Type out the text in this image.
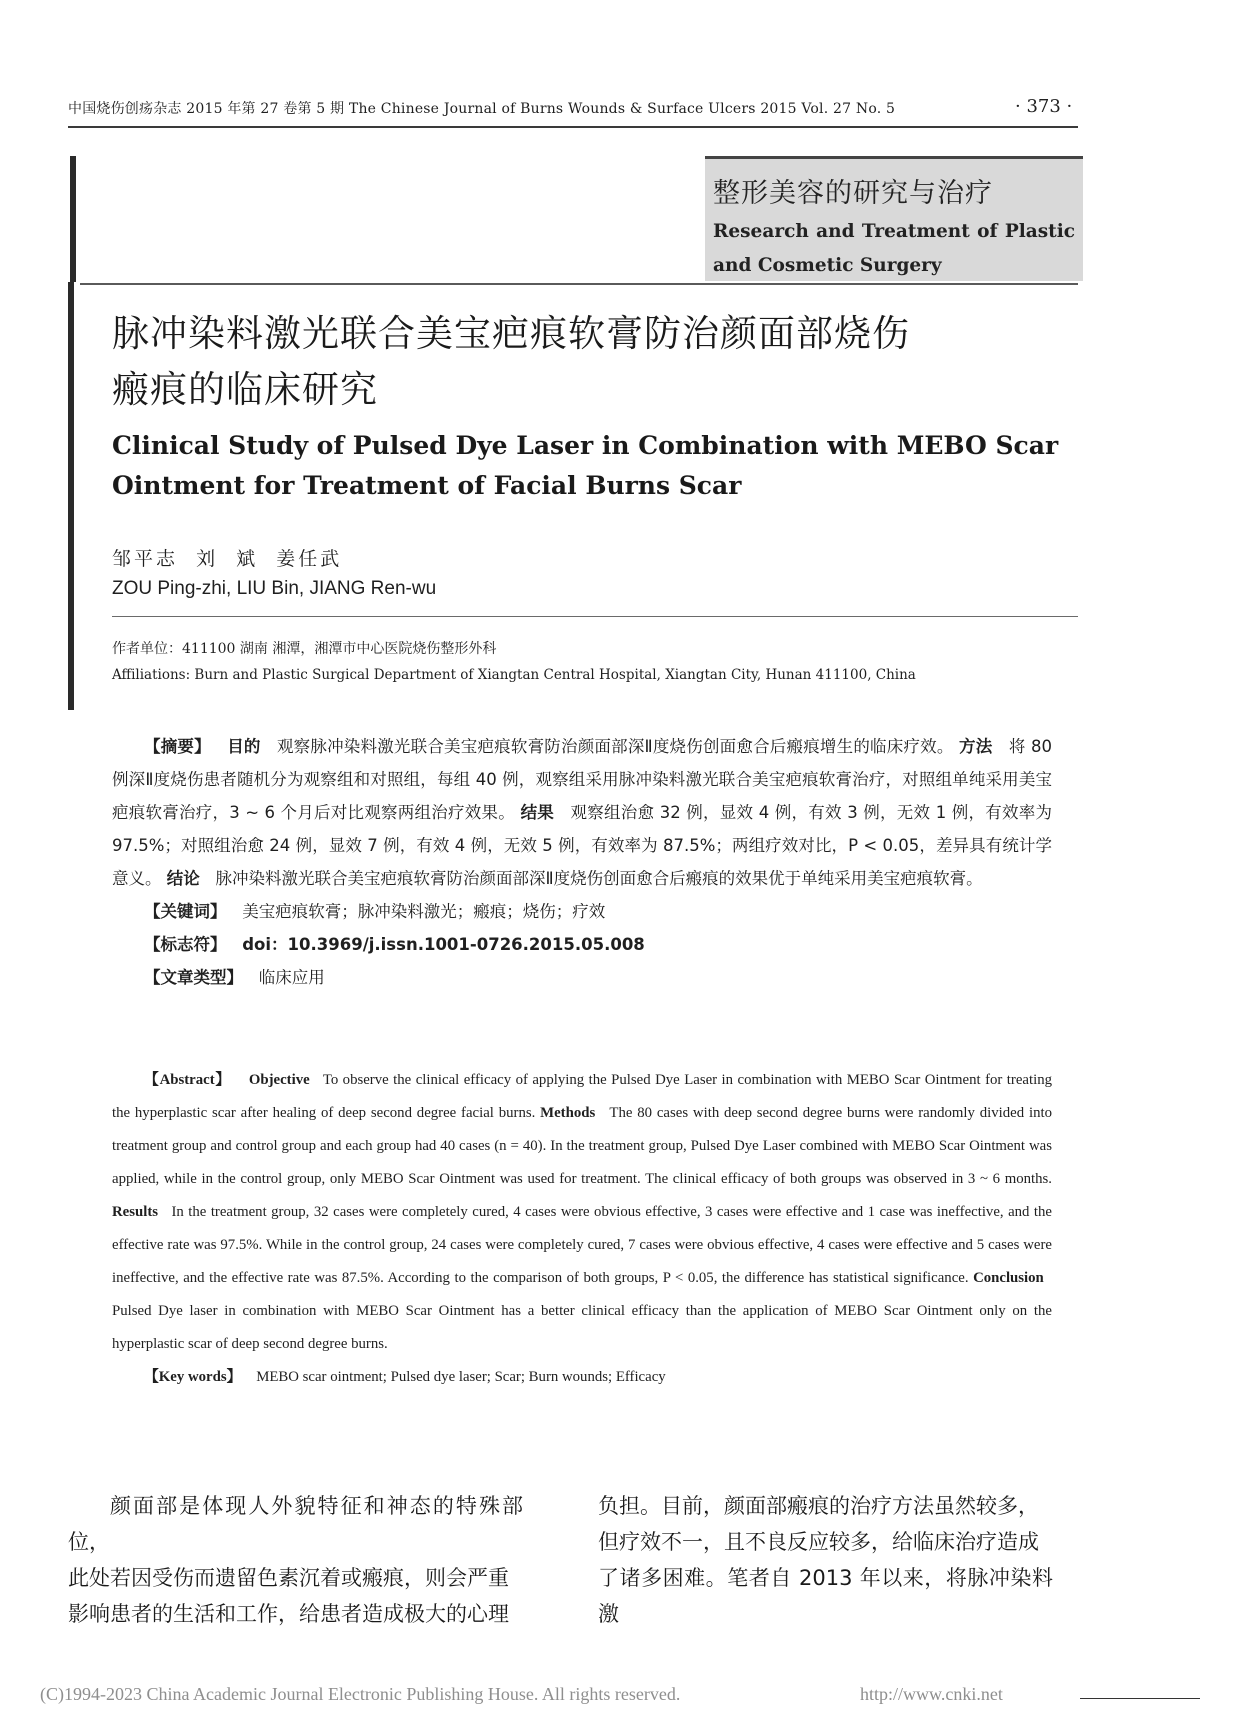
中国烧伤创疡杂志 2015 年第 27 卷第 5 期 The Chinese Journal of Burns Wounds & Surface Ulcers 2015 Vol. 27 No. 5	· 373 ·
整形美容的研究与治疗
Research and Treatment of Plastic
and Cosmetic Surgery
脉冲染料激光联合美宝疤痕软膏防治颜面部烧伤
瘢痕的临床研究
Clinical Study of Pulsed Dye Laser in Combination with MEBO Scar
Ointment for Treatment of Facial Burns Scar
邹平志  刘  斌  姜任武
ZOU Ping-zhi, LIU Bin, JIANG Ren-wu
作者单位：411100 湖南 湘潭，湘潭市中心医院烧伤整形外科
Affiliations: Burn and Plastic Surgical Department of Xiangtan Central Hospital, Xiangtan City, Hunan 411100, China
【摘要】 目的 观察脉冲染料激光联合美宝疤痕软膏防治颜面部深Ⅱ度烧伤创面愈合后瘢痕增生的临床疗效。 方法 将 80 例深Ⅱ度烧伤患者随机分为观察组和对照组，每组 40 例，观察组采用脉冲染料激光联合美宝疤痕软膏治疗，对照组单纯采用美宝疤痕软膏治疗，3 ~ 6 个月后对比观察两组治疗效果。 结果 观察组治愈 32 例，显效 4 例，有效 3 例，无效 1 例，有效率为 97.5%；对照组治愈 24 例，显效 7 例，有效 4 例，无效 5 例，有效率为 87.5%；两组疗效对比，P < 0.05，差异具有统计学意义。 结论 脉冲染料激光联合美宝疤痕软膏防治颜面部深Ⅱ度烧伤创面愈合后瘢痕的效果优于单纯采用美宝疤痕软膏。
【关键词】 美宝疤痕软膏；脉冲染料激光；瘢痕；烧伤；疗效
【标志符】 doi：10.3969/j.issn.1001-0726.2015.05.008
【文章类型】 临床应用
【Abstract】 Objective To observe the clinical efficacy of applying the Pulsed Dye Laser in combination with MEBO Scar Ointment for treating the hyperplastic scar after healing of deep second degree facial burns. Methods The 80 cases with deep second degree burns were randomly divided into treatment group and control group and each group had 40 cases (n = 40). In the treatment group, Pulsed Dye Laser combined with MEBO Scar Ointment was applied, while in the control group, only MEBO Scar Ointment was used for treatment. The clinical efficacy of both groups was observed in 3 ~ 6 months. Results In the treatment group, 32 cases were completely cured, 4 cases were obvious effective, 3 cases were effective and 1 case was ineffective, and the effective rate was 97.5%. While in the control group, 24 cases were completely cured, 7 cases were obvious effective, 4 cases were effective and 5 cases were ineffective, and the effective rate was 87.5%. According to the comparison of both groups, P < 0.05, the difference has statistical significance. Conclusion   Pulsed Dye laser in combination with MEBO Scar Ointment has a better clinical efficacy than the application of MEBO Scar Ointment only on the hyperplastic scar of deep second degree burns.
【Key words】 MEBO scar ointment; Pulsed dye laser; Scar; Burn wounds; Efficacy
颜面部是体现人外貌特征和神态的特殊部位，
此处若因受伤而遗留色素沉着或瘢痕，则会严重
影响患者的生活和工作，给患者造成极大的心理
负担。目前，颜面部瘢痕的治疗方法虽然较多，
但疗效不一，且不良反应较多，给临床治疗造成
了诸多困难。笔者自 2013 年以来，将脉冲染料激
(C)1994-2023 China Academic Journal Electronic Publishing House. All rights reserved.	http://www.cnki.net
